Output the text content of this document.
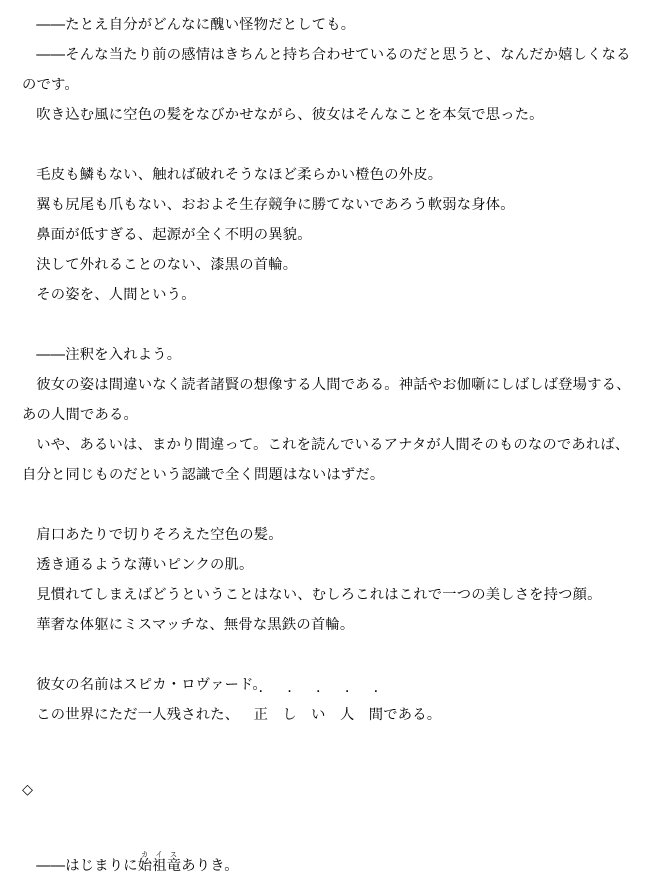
——たとえ自分がどんなに醜い怪物だとしても。

——そんな当たり前の感情はきちんと持ち合わせているのだと思うと、なんだか嬉しくなるのです。

吹き込む風に空色の髪をなびかせながら、彼女はそんなことを本気で思った。

毛皮も鱗もない、触れば破れそうなほど柔らかい橙色の外皮。

翼も尻尾も爪もない、おおよそ生存競争に勝てないであろう軟弱な身体。

鼻面が低すぎる、起源が全く不明の異貌。

決して外れることのない、漆黒の首輪。

その姿を、人間という。

——注釈を入れよう。

彼女の姿は間違いなく読者諸賢の想像する人間である。神話やお伽噺にしばしば登場する、あの人間である。

いや、あるいは、まかり間違って。これを読んでいるアナタが人間そのものなのであれば、自分と同じものだという認識で全く問題はないはずだ。

肩口あたりで切りそろえた空色の髪。

透き通るような薄いピンクの肌。

見慣れてしまえばどうということはない、むしろこれはこれで一つの美しさを持つ顔。

華奢な体躯にミスマッチな、無骨な黒鉄の首輪。

彼女の名前はスピカ・ロヴァード。

この世界にただ一人残された、 ・ 正 ・ し ・ い ・ 人 ・ 間である。

◇

——はじまりに始祖竜カイスありき。
